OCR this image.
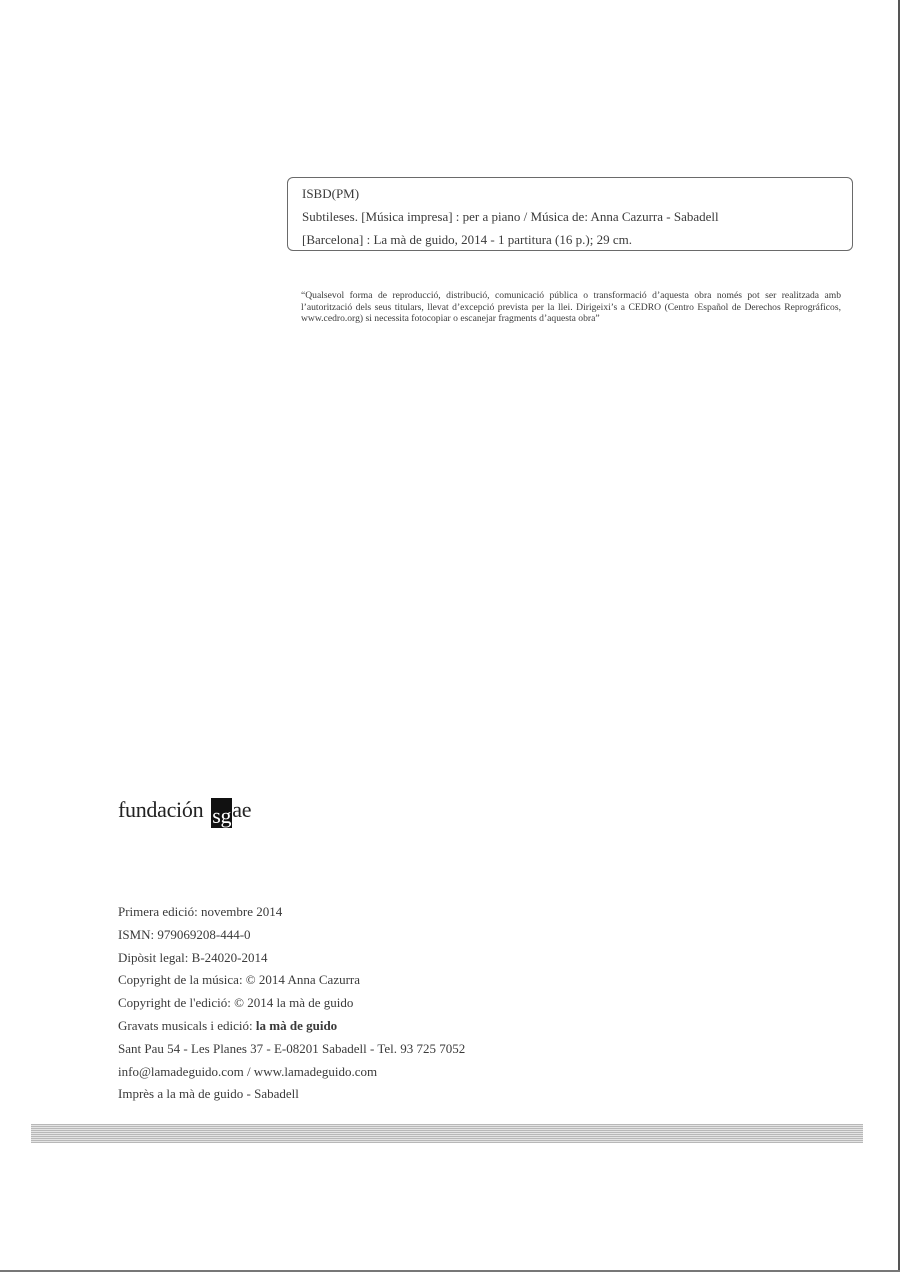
ISBD(PM)
Subtileses. [Música impresa] : per a piano / Música de: Anna Cazurra - Sabadell
[Barcelona] : La mà de guido, 2014 - 1 partitura (16 p.); 29 cm.
“Qualsevol forma de reproducció, distribució, comunicació pública o transformació d’aquesta obra només pot ser realitzada amb l’autorització dels seus titulars, llevat d’excepció prevista per la llei. Dirigeixi’s a CEDRO (Centro Español de Derechos Reprográficos, www.cedro.org) si necessita fotocopiar o escanejar fragments d’aquesta obra”
fundación sg ae
Primera edició: novembre 2014
ISMN: 979069208-444-0
Dipòsit legal: B-24020-2014
Copyright de la música: © 2014 Anna Cazurra
Copyright de l'edició: © 2014 la mà de guido
Gravats musicals i edició: la mà de guido
Sant Pau 54 - Les Planes 37 - E-08201 Sabadell - Tel. 93 725 7052
info@lamadeguido.com / www.lamadeguido.com
Imprès a la mà de guido - Sabadell
